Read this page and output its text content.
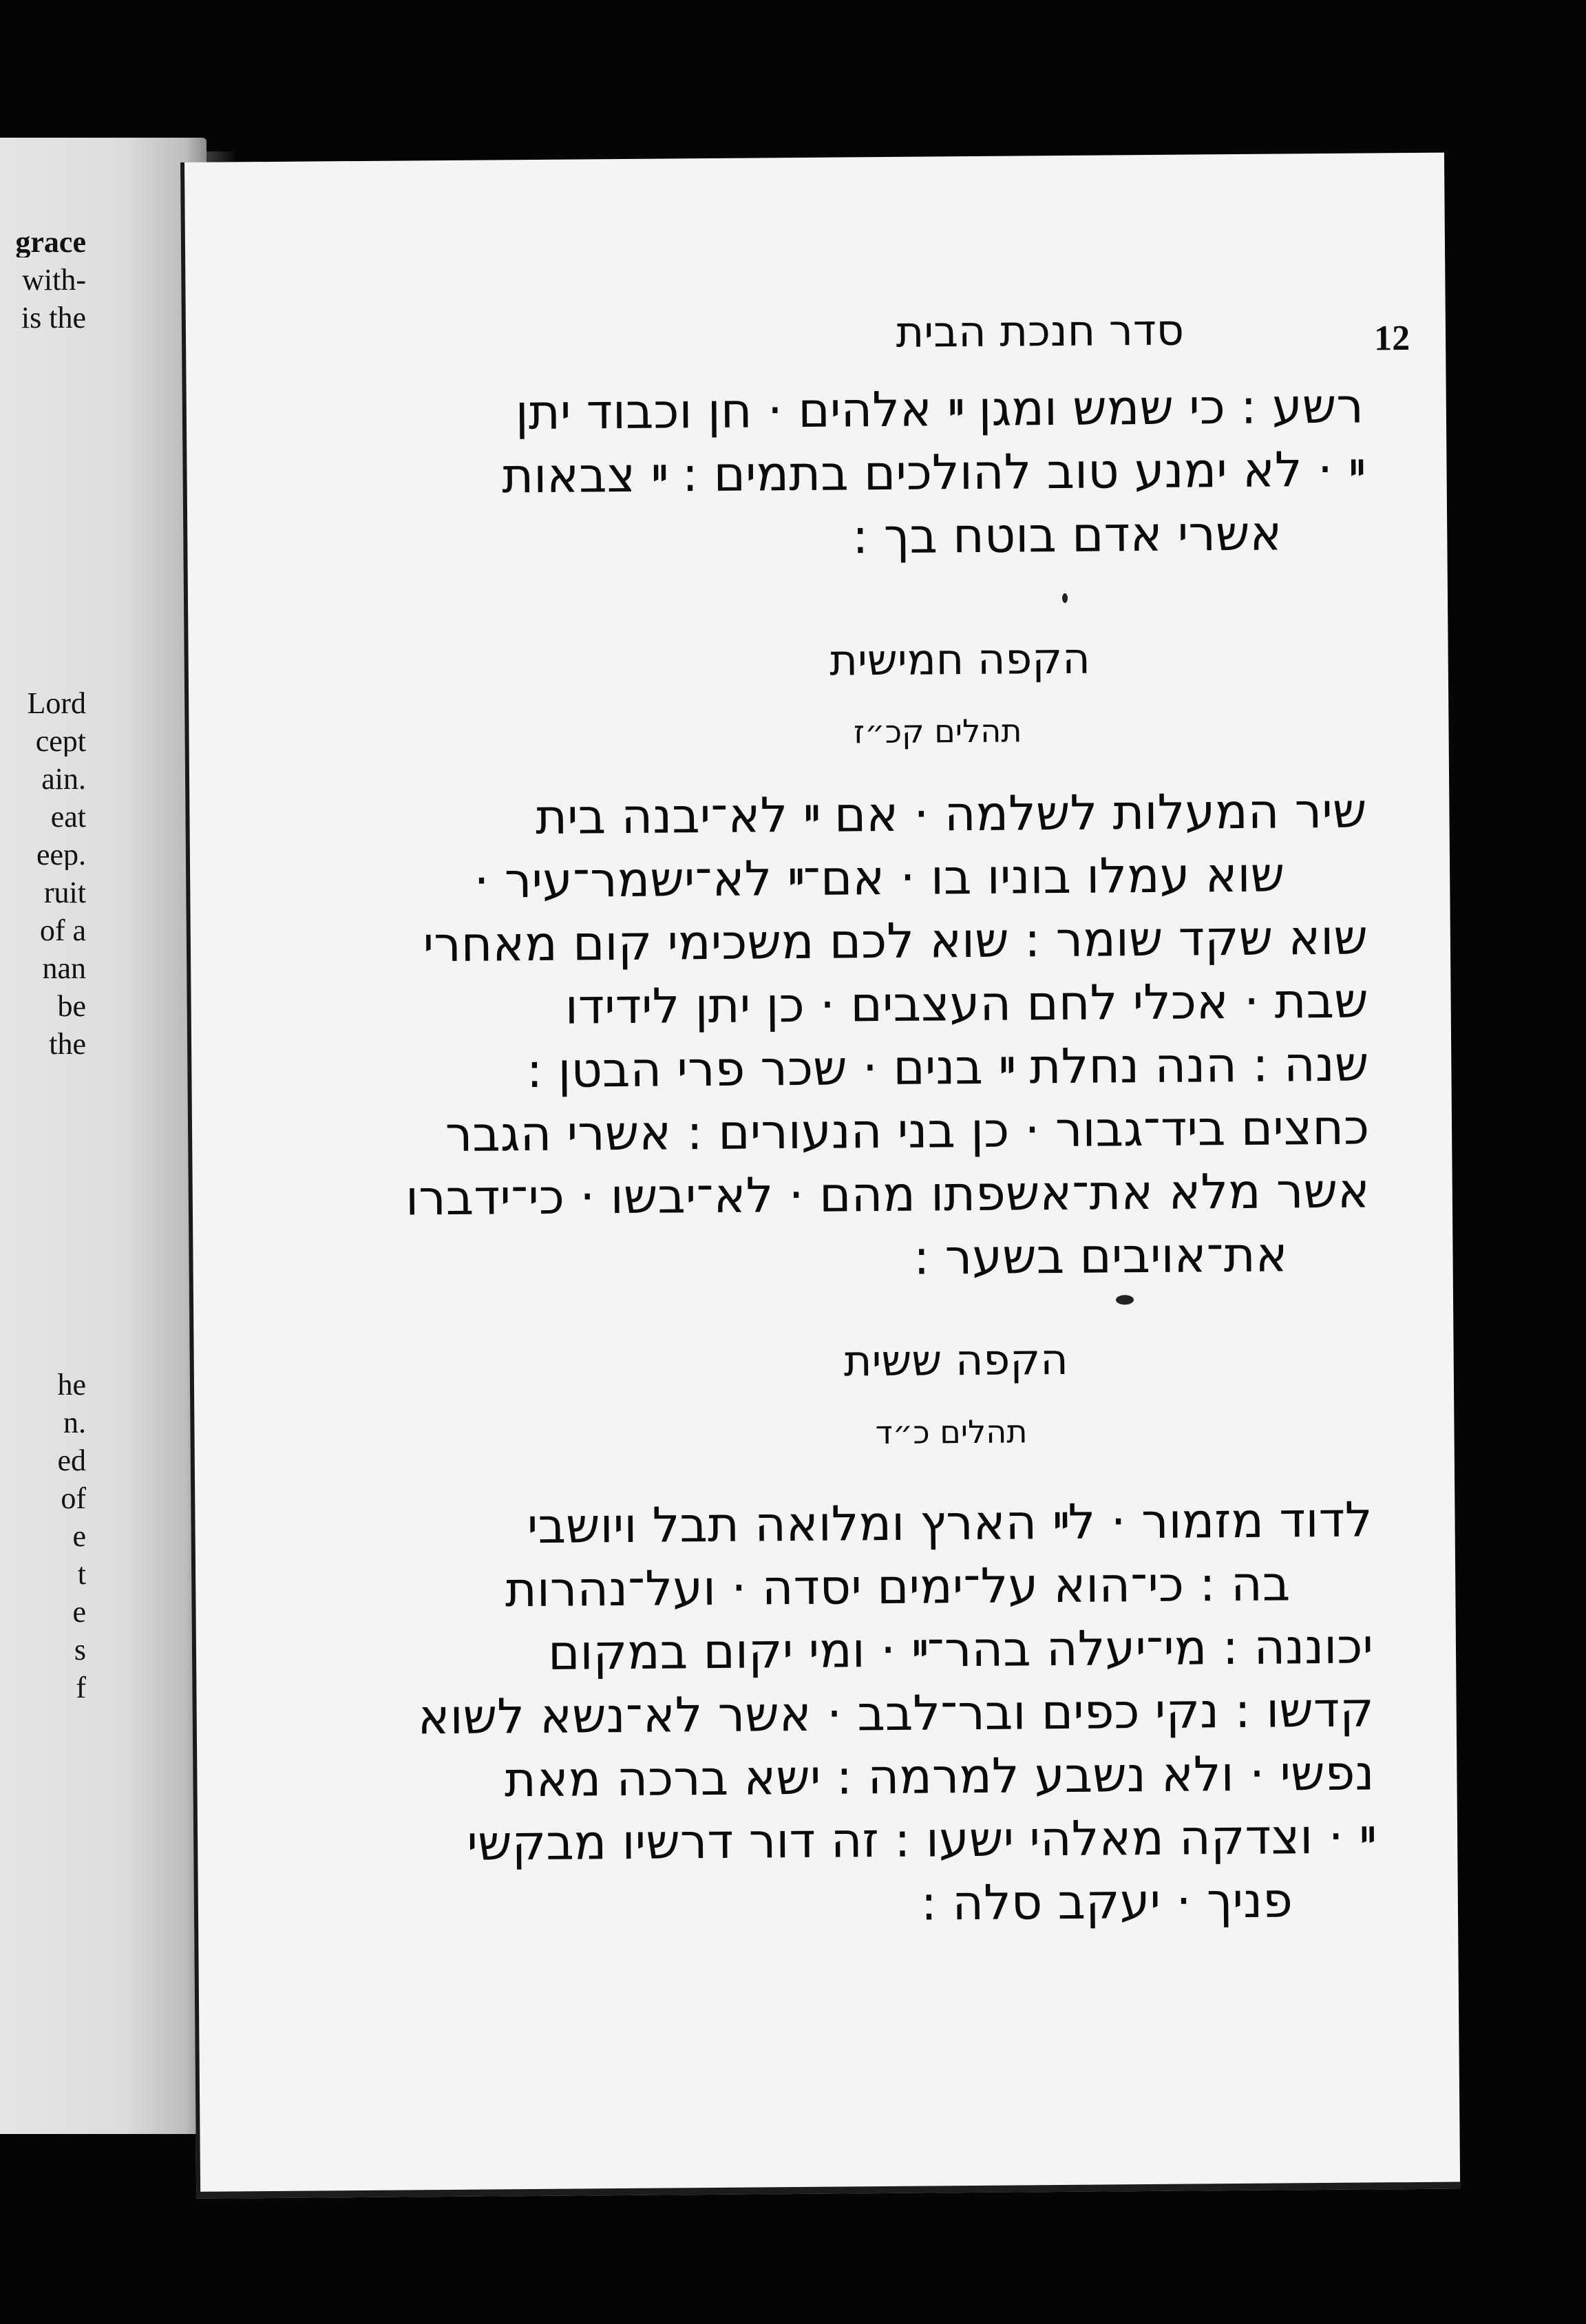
grace
with-
is the
Lord
cept
ain.
eat
eep.
ruit
of a
nan
be
the
he
n.
ed
of
e
t
e
s
f
12
סדר חנכת הבית
רשע : כי שמש ומגן ײ אלהים · חן וכבוד יתן
ײ · לא ימנע טוב להולכים בתמים : ײ צבאות
אשרי אדם בוטח בך :
הקפה חמישית
תהלים קכ״ז
שיר המעלות לשלמה · אם ײ לא־יבנה בית
שוא עמלו בוניו בו · אם־ײ לא־ישמר־עיר ·
שוא שקד שומר : שוא לכם משכימי קום מאחרי
שבת · אכלי לחם העצבים · כן יתן לידידו
שנה : הנה נחלת ײ בנים · שכר פרי הבטן :
כחצים ביד־גבור · כן בני הנעורים : אשרי הגבר
אשר מלא את־אשפתו מהם · לא־יבשו · כי־ידברו
את־אויבים בשער :
הקפה ששית
תהלים כ״ד
לדוד מזמור · לײ הארץ ומלואה תבל ויושבי
בה : כי־הוא על־ימים יסדה · ועל־נהרות
יכוננה : מי־יעלה בהר־ײ · ומי יקום במקום
קדשו : נקי כפים ובר־לבב · אשר לא־נשא לשוא
נפשי · ולא נשבע למרמה : ישא ברכה מאת
ײ · וצדקה מאלהי ישעו : זה דור דרשיו מבקשי
פניך · יעקב סלה :
